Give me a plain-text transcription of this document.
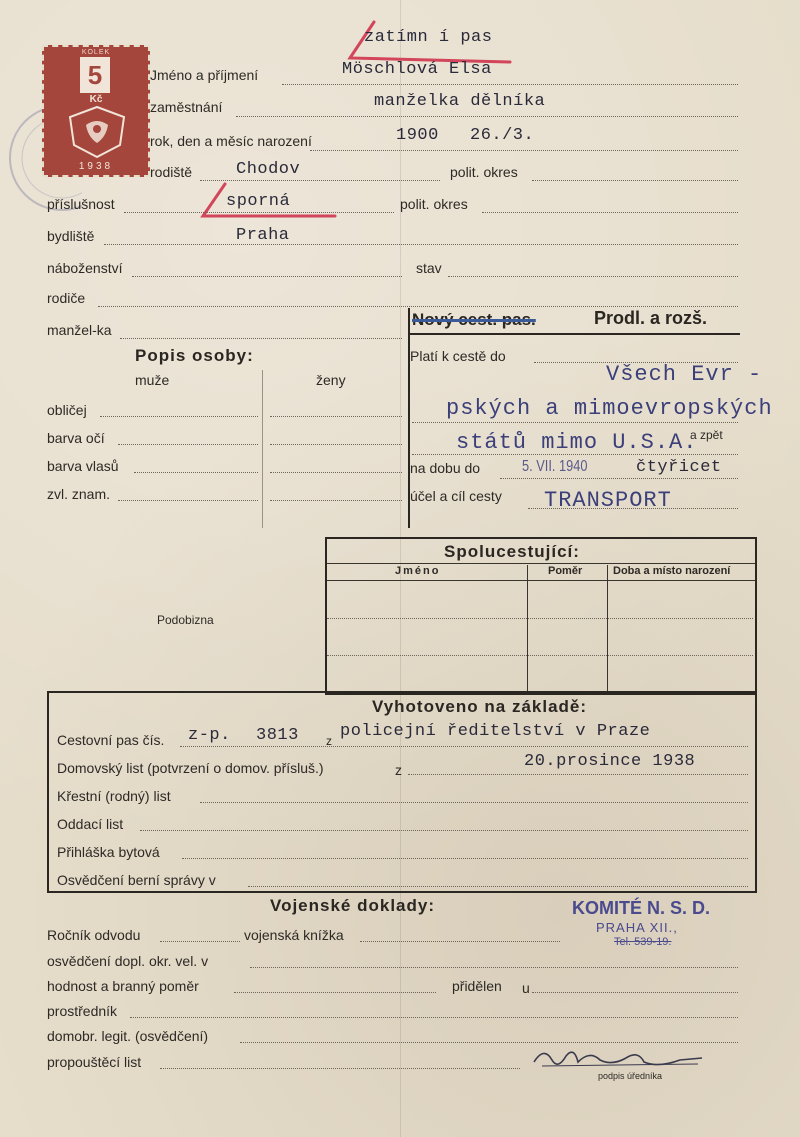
KOLEK
5
Kč
1938
zatímn í pas
Jméno a příjmení	Möschlová Elsa
zaměstnání	manželka dělníka
rok, den a měsíc narození	1900 26./3.
rodiště	Chodov	polit. okres
příslušnost	sporná	polit. okres
bydliště	Praha
náboženství	stav
rodiče
manžel-ka
Popis osoby:
muže	ženy
obličej
barva očí
barva vlasů
zvl. znam.
Nový cest. pas.	Prodl. a rozš.
Platí k cestě do
Všech Evr -
pských a mimoevropských
států mimo U.S.A.
a zpět
na dobu do	5. VII. 1940	čtyřicet
účel a cíl cesty TRANSPORT
Podobizna
Spolucestující:
Jméno	Poměr	Doba a místo narození
Vyhotoveno na základě:
Cestovní pas čís. z-p. 3813 z policejní ředitelství v Praze
Domovský list (potvrzení o domov. přísluš.)	z	20.prosince 1938
Křestní (rodný) list
Oddací list
Přihláška bytová
Osvědčení berní správy v
Vojenské doklady:	KOMITÉ N. S. D.
PRAHA XII.,
Tel. 539-19.
Ročník odvodu	vojenská knížka
osvědčení dopl. okr. vel. v
hodnost a branný poměr	přidělen u
prostředník
domobr. legit. (osvědčení)
propouštěcí list
podpis úředníka
